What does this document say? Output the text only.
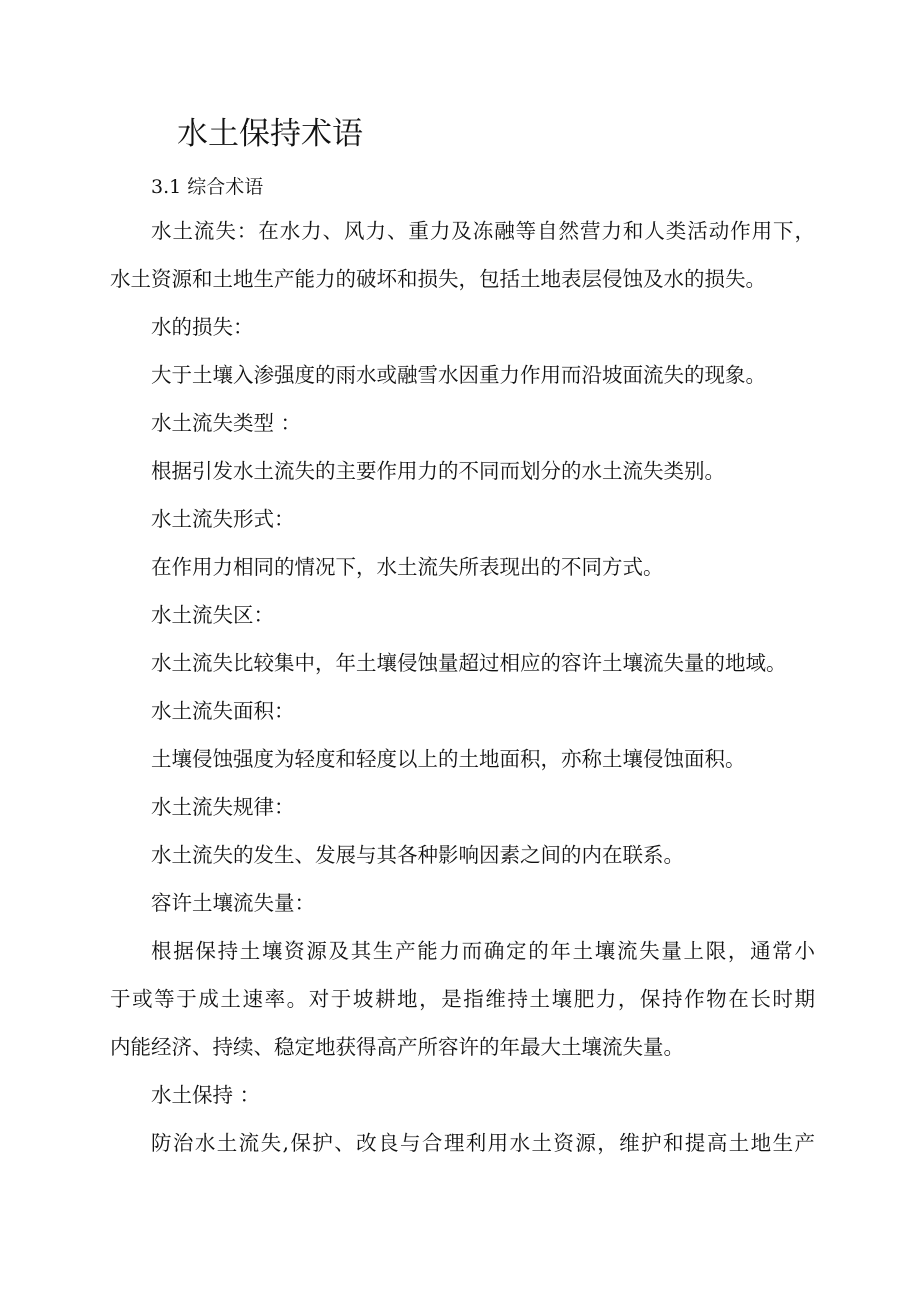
水土保持术语
3.1 综合术语
水土流失：在水力、风力、重力及冻融等自然营力和人类活动作用下，
水土资源和土地生产能力的破坏和损失，包括土地表层侵蚀及水的损失。
水的损失：
大于土壤入渗强度的雨水或融雪水因重力作用而沿坡面流失的现象。
水土流失类型 ：
根据引发水土流失的主要作用力的不同而划分的水土流失类别。
水土流失形式：
在作用力相同的情况下，水土流失所表现出的不同方式。
水土流失区：
水土流失比较集中，年土壤侵蚀量超过相应的容许土壤流失量的地域。
水土流失面积：
土壤侵蚀强度为轻度和轻度以上的土地面积，亦称土壤侵蚀面积。
水土流失规律：
水土流失的发生、发展与其各种影响因素之间的内在联系。
容许土壤流失量：
根据保持土壤资源及其生产能力而确定的年土壤流失量上限，通常小
于或等于成土速率。对于坡耕地，是指维持土壤肥力，保持作物在长时期
内能经济、持续、稳定地获得高产所容许的年最大土壤流失量。
水土保持 ：
防治水土流失,保护、改良与合理利用水土资源，维护和提高土地生产
